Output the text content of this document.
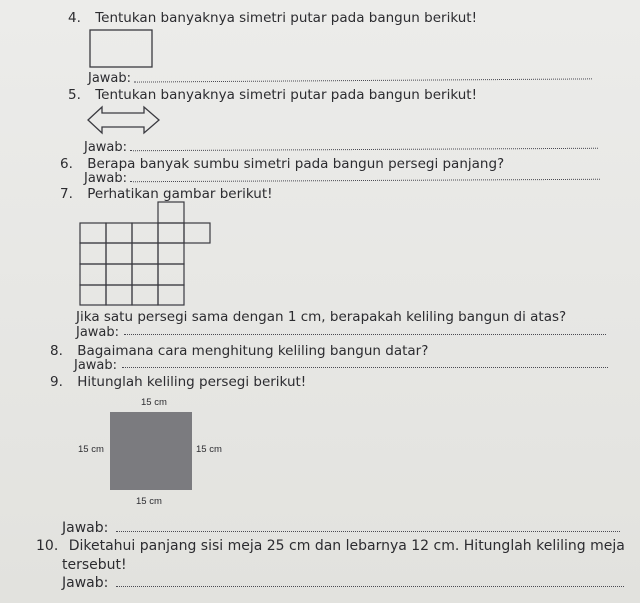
4. Tentukan banyaknya simetri putar pada bangun berikut!
Jawab:
5. Tentukan banyaknya simetri putar pada bangun berikut!
Jawab:
6. Berapa banyak sumbu simetri pada bangun persegi panjang?
Jawab:
7. Perhatikan gambar berikut!
Jika satu persegi sama dengan 1 cm, berapakah keliling bangun di atas?
Jawab:
8. Bagaimana cara menghitung keliling bangun datar?
Jawab:
9. Hitunglah keliling persegi berikut!
15 cm
15 cm	15 cm
15 cm
Jawab:
10. Diketahui panjang sisi meja 25 cm dan lebarnya 12 cm. Hitunglah keliling meja
tersebut!
Jawab:
